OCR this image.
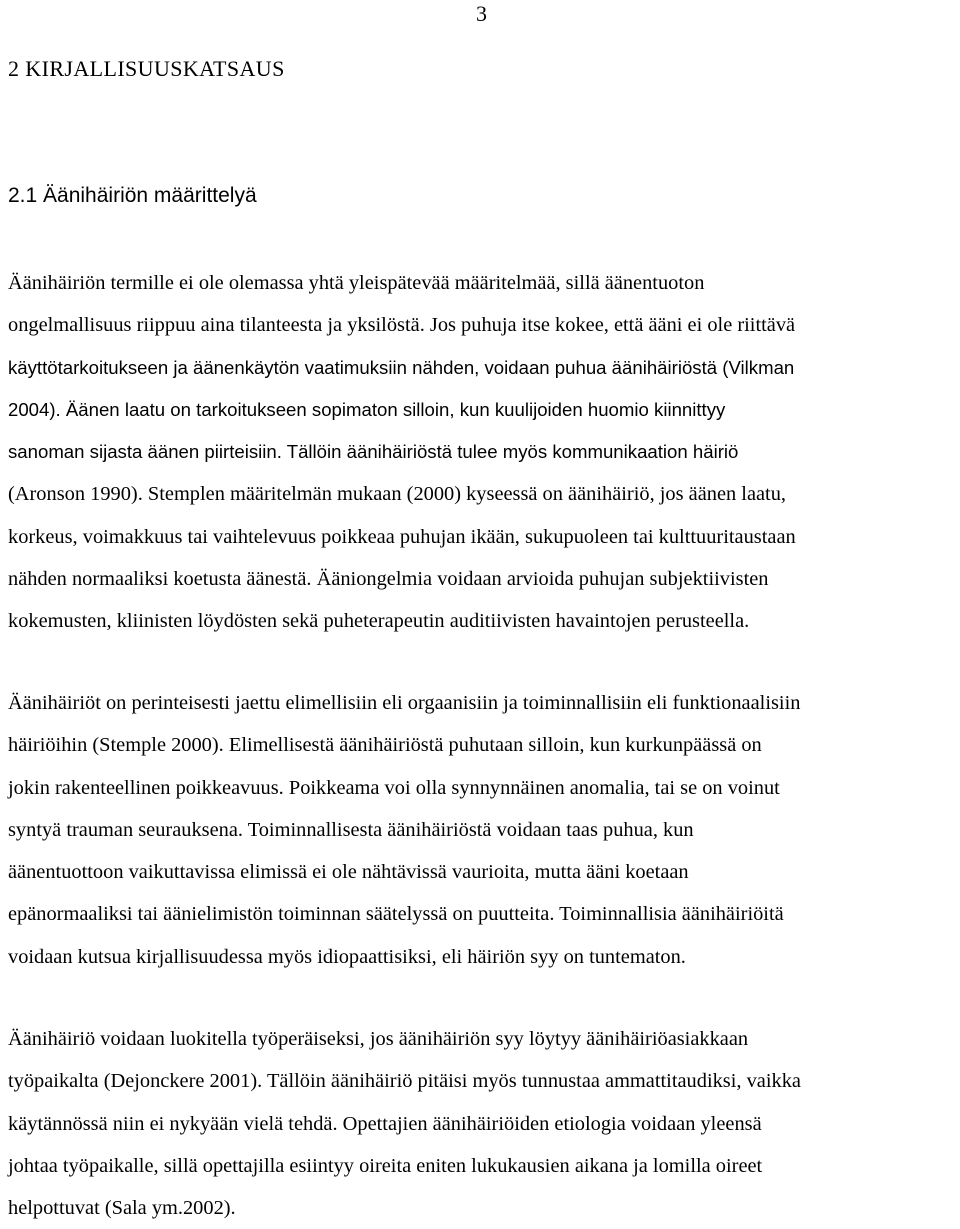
3
2 KIRJALLISUUSKATSAUS
2.1 Äänihäiriön määrittelyä
Äänihäiriön termille ei ole olemassa yhtä yleispätevää määritelmää, sillä äänentuoton
ongelmallisuus riippuu aina tilanteesta ja yksilöstä. Jos puhuja itse kokee, että ääni ei ole riittävä
käyttötarkoitukseen ja äänenkäytön vaatimuksiin nähden, voidaan puhua äänihäiriöstä (Vilkman
2004). Äänen laatu on tarkoitukseen sopimaton silloin, kun kuulijoiden huomio kiinnittyy
sanoman sijasta äänen piirteisiin. Tällöin äänihäiriöstä tulee myös kommunikaation häiriö
(Aronson 1990). Stemplen määritelmän mukaan (2000) kyseessä on äänihäiriö, jos äänen laatu,
korkeus, voimakkuus tai vaihtelevuus poikkeaa puhujan ikään, sukupuoleen tai kulttuuritaustaan
nähden normaaliksi koetusta äänestä. Ääniongelmia voidaan arvioida puhujan subjektiivisten
kokemusten, kliinisten löydösten sekä puheterapeutin auditiivisten havaintojen perusteella.
Äänihäiriöt on perinteisesti jaettu elimellisiin eli orgaanisiin ja toiminnallisiin eli funktionaalisiin
häiriöihin (Stemple 2000). Elimellisestä äänihäiriöstä puhutaan silloin, kun kurkunpäässä on
jokin rakenteellinen poikkeavuus. Poikkeama voi olla synnynnäinen anomalia, tai se on voinut
syntyä trauman seurauksena. Toiminnallisesta äänihäiriöstä voidaan taas puhua, kun
äänentuottoon vaikuttavissa elimissä ei ole nähtävissä vaurioita, mutta ääni koetaan
epänormaaliksi tai äänielimistön toiminnan säätelyssä on puutteita. Toiminnallisia äänihäiriöitä
voidaan kutsua kirjallisuudessa myös idiopaattisiksi, eli häiriön syy on tuntematon.
Äänihäiriö voidaan luokitella työperäiseksi, jos äänihäiriön syy löytyy äänihäiriöasiakkaan
työpaikalta (Dejonckere 2001). Tällöin äänihäiriö pitäisi myös tunnustaa ammattitaudiksi, vaikka
käytännössä niin ei nykyään vielä tehdä. Opettajien äänihäiriöiden etiologia voidaan yleensä
johtaa työpaikalle, sillä opettajilla esiintyy oireita eniten lukukausien aikana ja lomilla oireet
helpottuvat (Sala ym.2002).
